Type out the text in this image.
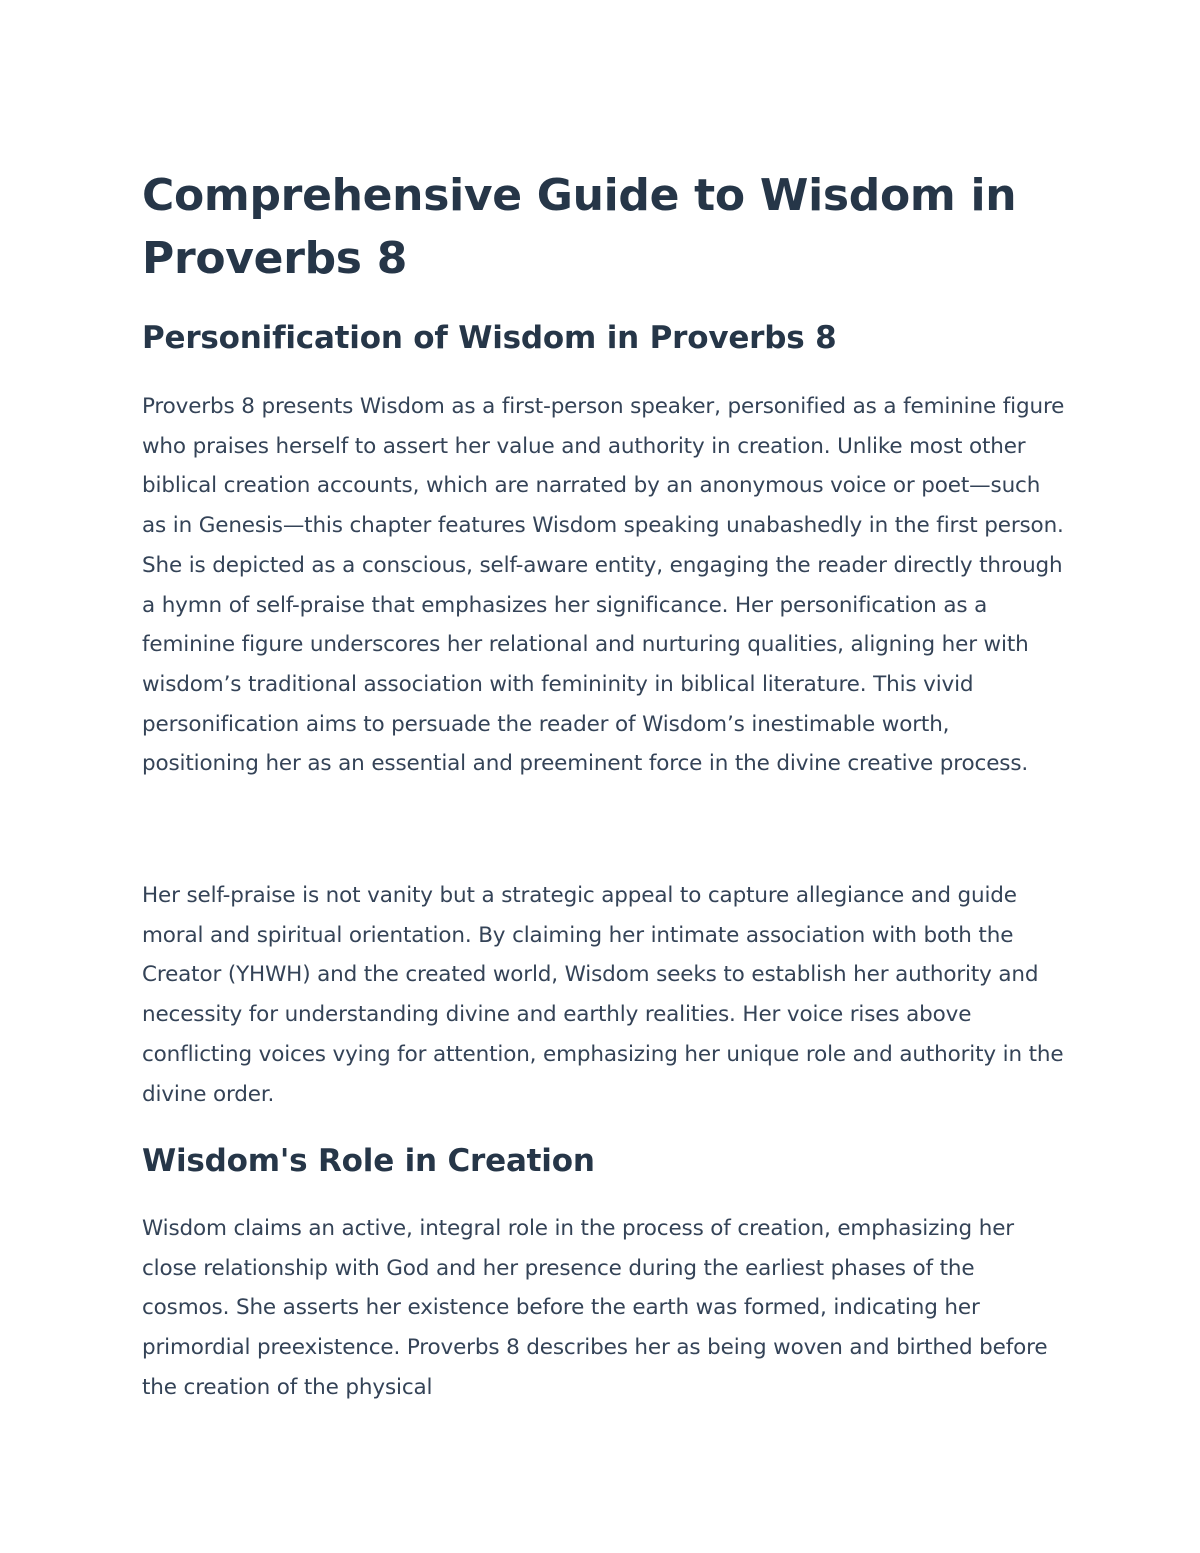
Comprehensive Guide to Wisdom in Proverbs 8
Personification of Wisdom in Proverbs 8

Proverbs 8 presents Wisdom as a first-person speaker, personified as a feminine figure who praises herself to assert her value and authority in creation. Unlike most other biblical creation accounts, which are narrated by an anonymous voice or poet—such as in Genesis—this chapter features Wisdom speaking unabashedly in the first person. She is depicted as a conscious, self-aware entity, engaging the reader directly through a hymn of self-praise that emphasizes her significance. Her personification as a feminine figure underscores her relational and nurturing qualities, aligning her with wisdom’s traditional association with femininity in biblical literature. This vivid personification aims to persuade the reader of Wisdom’s inestimable worth, positioning her as an essential and preeminent force in the divine creative process.

Her self-praise is not vanity but a strategic appeal to capture allegiance and guide moral and spiritual orientation. By claiming her intimate association with both the Creator (YHWH) and the created world, Wisdom seeks to establish her authority and necessity for understanding divine and earthly realities. Her voice rises above conflicting voices vying for attention, emphasizing her unique role and authority in the divine order.

Wisdom's Role in Creation

Wisdom claims an active, integral role in the process of creation, emphasizing her close relationship with God and her presence during the earliest phases of the cosmos. She asserts her existence before the earth was formed, indicating her primordial preexistence. Proverbs 8 describes her as being woven and birthed before the creation of the physical
